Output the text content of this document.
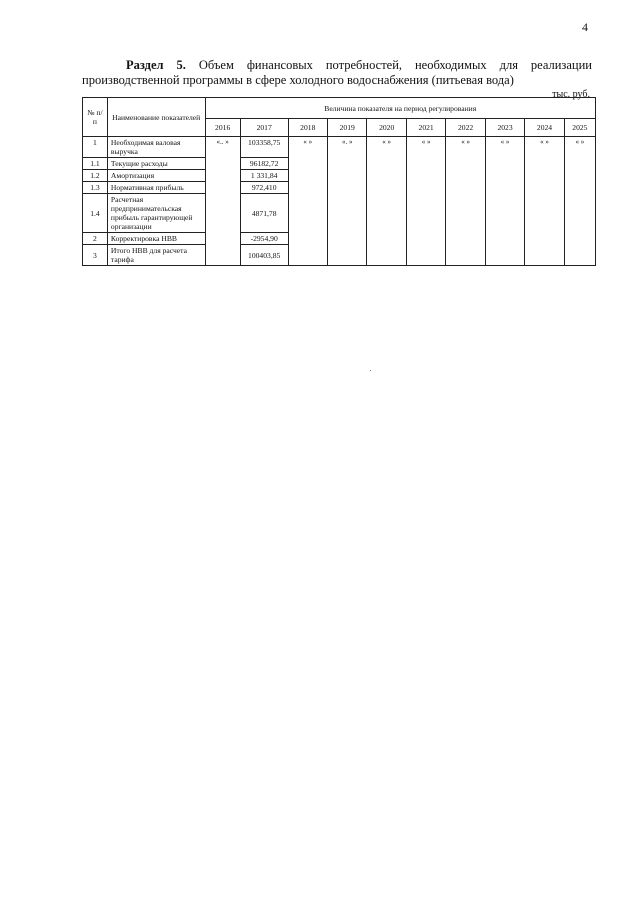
4
Раздел 5. Объем финансовых потребностей, необходимых для реализации производственной программы в сфере холодного водоснабжения (питьевая вода)
тыс. руб.
№ п/ п	Наименование показателей	Величина показателя на период регулирования									
		2016	2017	2018	2019	2020	2021	2022	2023	2024	2025
1	Необходимая валовая выручка	«.. »	103358,75	« »	«. »	« »	« »	« »	« »	« »	« »
1.1	Текущие расходы		96182,72								
1.2	Амортизация		1 331,84								
1.3	Нормативная прибыль		972,410								
1.4	Расчетная предпринимательская прибыль гарантирующей организации		4871,78								
2	Корректировка НВВ		-2954,90								
3	Итого НВВ для расчета тарифа		100403,85								
